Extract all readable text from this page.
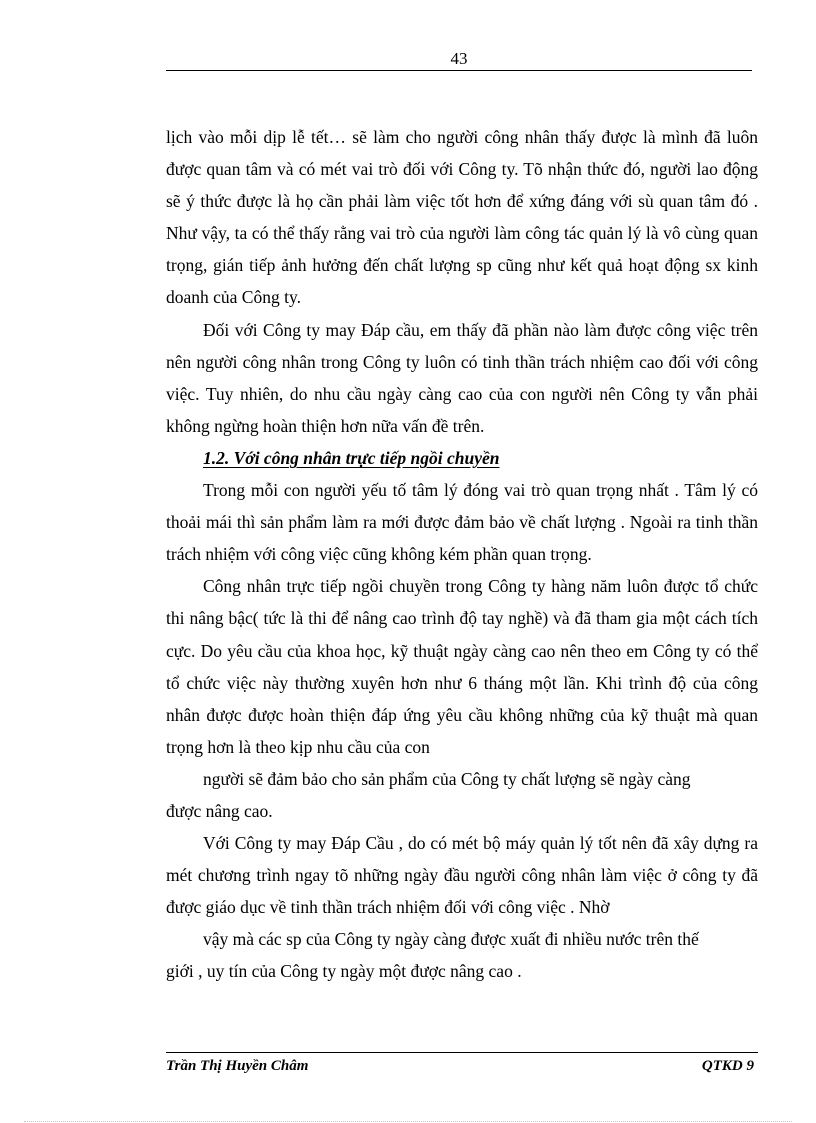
43

lịch vào mỗi dịp lễ tết… sẽ làm cho người công nhân thấy được là mình đã luôn được quan tâm và có mét vai trò đối với Công ty. Tõ nhận thức đó, người lao động sẽ ý thức được là họ cần phải làm việc tốt hơn để xứng đáng với sù quan tâm đó . Như vậy, ta có thể thấy rằng vai trò của người làm công tác quản lý là vô cùng quan trọng, gián tiếp ảnh hưởng đến chất lượng sp cũng như kết quả hoạt động sx kinh doanh của Công ty.

Đối với Công ty may Đáp cầu, em thấy đã phần nào làm được công việc trên nên người công nhân trong Công ty luôn có tinh thần trách nhiệm cao đối với công việc. Tuy nhiên, do nhu cầu ngày càng cao của con người nên Công ty vẫn phải không ngừng hoàn thiện hơn nữa vấn đề trên.

1.2. Với công nhân trực tiếp ngồi chuyền

Trong mỗi con người yếu tố tâm lý đóng vai trò quan trọng nhất . Tâm lý có thoải mái thì sản phẩm làm ra mới được đảm bảo về chất lượng . Ngoài ra tinh thần trách nhiệm với công việc cũng không kém phần quan trọng.

Công nhân trực tiếp ngồi chuyền trong Công ty hàng năm luôn được tổ chức thi nâng bậc( tức là thi để nâng cao trình độ tay nghề) và đã tham gia một cách tích cực. Do yêu cầu của khoa học, kỹ thuật ngày càng cao nên theo em Công ty có thể tổ chức việc này thường xuyên hơn như 6 tháng một lần. Khi trình độ của công nhân được được hoàn thiện đáp ứng yêu cầu không những của kỹ thuật mà quan trọng hơn là theo kịp nhu cầu của con

người sẽ đảm bảo cho sản phẩm của Công ty chất lượng sẽ ngày càng

được nâng cao.

Với Công ty may Đáp Cầu , do có mét bộ máy quản lý tốt nên đã xây dựng ra mét chương trình ngay tõ những ngày đầu người công nhân làm việc ở công ty đã được giáo dục về tinh thần trách nhiệm đối với công việc . Nhờ

vậy mà các sp của Công ty ngày càng được xuất đi nhiều nước trên thế

giới , uy tín của Công ty ngày một được nâng cao .

Trần Thị Huyền Châm	QTKD 9
